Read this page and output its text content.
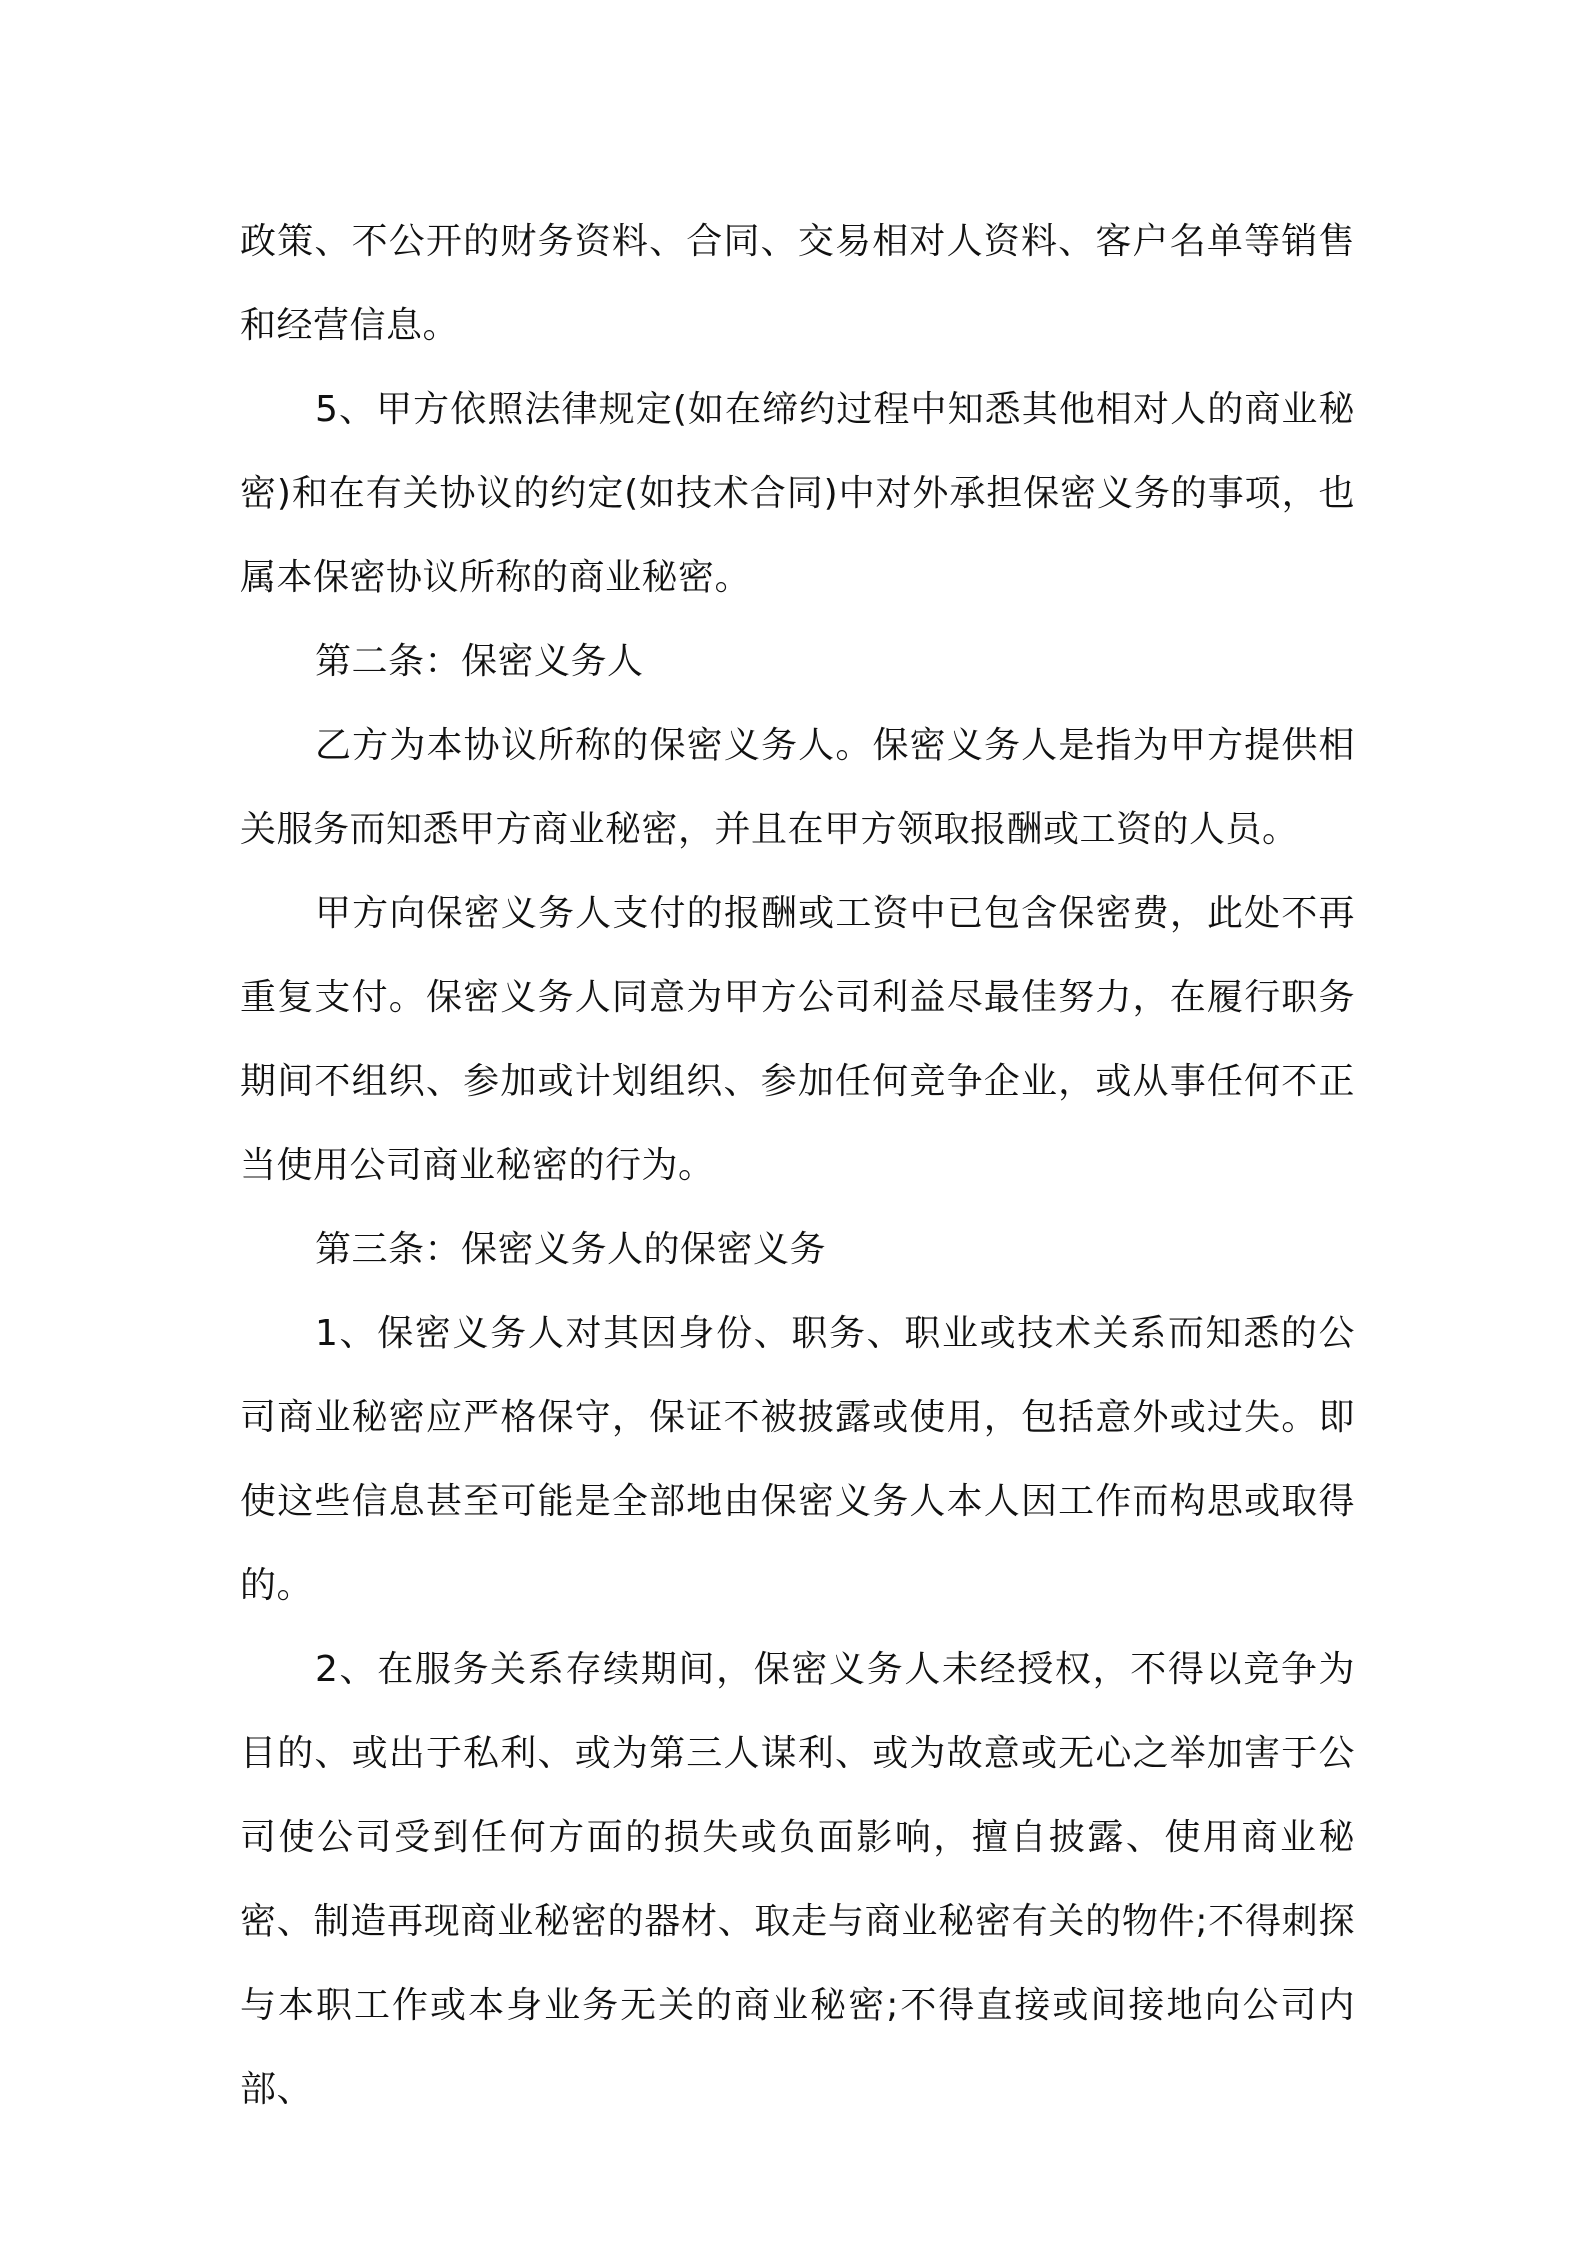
政策、不公开的财务资料、合同、交易相对人资料、客户名单等销售和经营信息。

5、甲方依照法律规定(如在缔约过程中知悉其他相对人的商业秘密)和在有关协议的约定(如技术合同)中对外承担保密义务的事项，也属本保密协议所称的商业秘密。

第二条：保密义务人

乙方为本协议所称的保密义务人。保密义务人是指为甲方提供相关服务而知悉甲方商业秘密，并且在甲方领取报酬或工资的人员。

甲方向保密义务人支付的报酬或工资中已包含保密费，此处不再重复支付。保密义务人同意为甲方公司利益尽最佳努力，在履行职务期间不组织、参加或计划组织、参加任何竞争企业，或从事任何不正当使用公司商业秘密的行为。

第三条：保密义务人的保密义务

1、保密义务人对其因身份、职务、职业或技术关系而知悉的公司商业秘密应严格保守，保证不被披露或使用，包括意外或过失。即使这些信息甚至可能是全部地由保密义务人本人因工作而构思或取得的。

2、在服务关系存续期间，保密义务人未经授权，不得以竞争为目的、或出于私利、或为第三人谋利、或为故意或无心之举加害于公司使公司受到任何方面的损失或负面影响，擅自披露、使用商业秘密、制造再现商业秘密的器材、取走与商业秘密有关的物件;不得刺探与本职工作或本身业务无关的商业秘密;不得直接或间接地向公司内部、
